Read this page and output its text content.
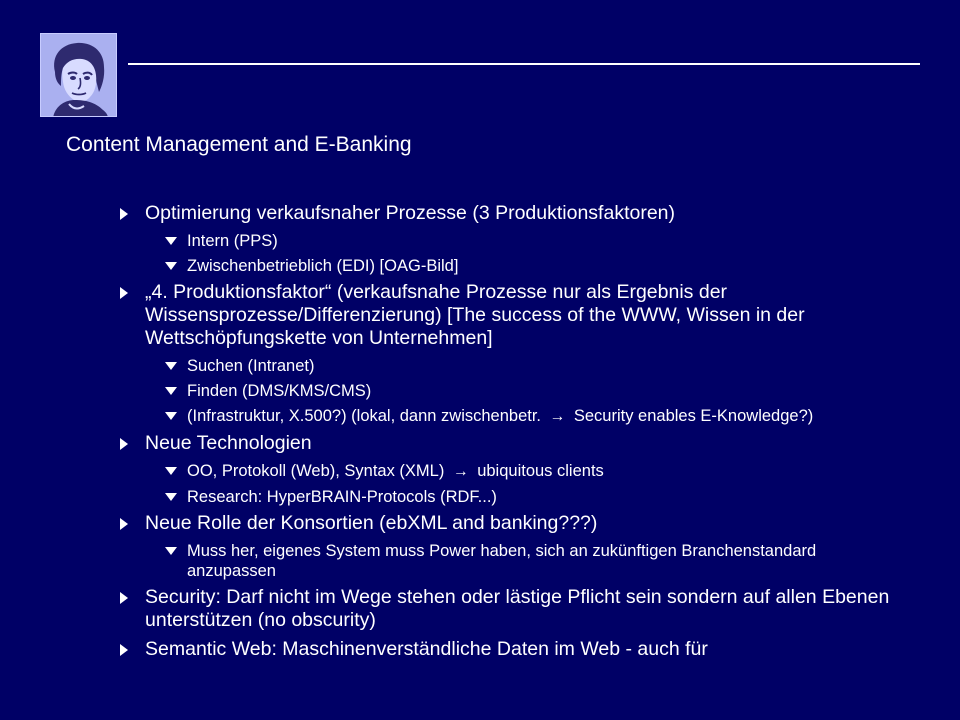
Content Management and E-Banking
Optimierung verkaufsnaher Prozesse (3 Produktionsfaktoren)
Intern (PPS)
Zwischenbetrieblich (EDI) [OAG-Bild]
„4. Produktionsfaktor“ (verkaufsnahe Prozesse nur als Ergebnis der Wissensprozesse/Differenzierung) [The success of the WWW, Wissen in der Wettschöpfungskette von Unternehmen]
Suchen (Intranet)
Finden (DMS/KMS/CMS)
(Infrastruktur, X.500?) (lokal, dann zwischenbetr. → Security enables E-Knowledge?)
Neue Technologien
OO, Protokoll (Web), Syntax (XML) → ubiquitous clients
Research: HyperBRAIN-Protocols (RDF...)
Neue Rolle der Konsortien (ebXML and banking???)
Muss her, eigenes System muss Power haben, sich an zukünftigen Branchenstandard anzupassen
Security: Darf nicht im Wege stehen oder lästige Pflicht sein sondern auf allen Ebenen unterstützen (no obscurity)
Semantic Web: Maschinenverständliche Daten im Web - auch für
